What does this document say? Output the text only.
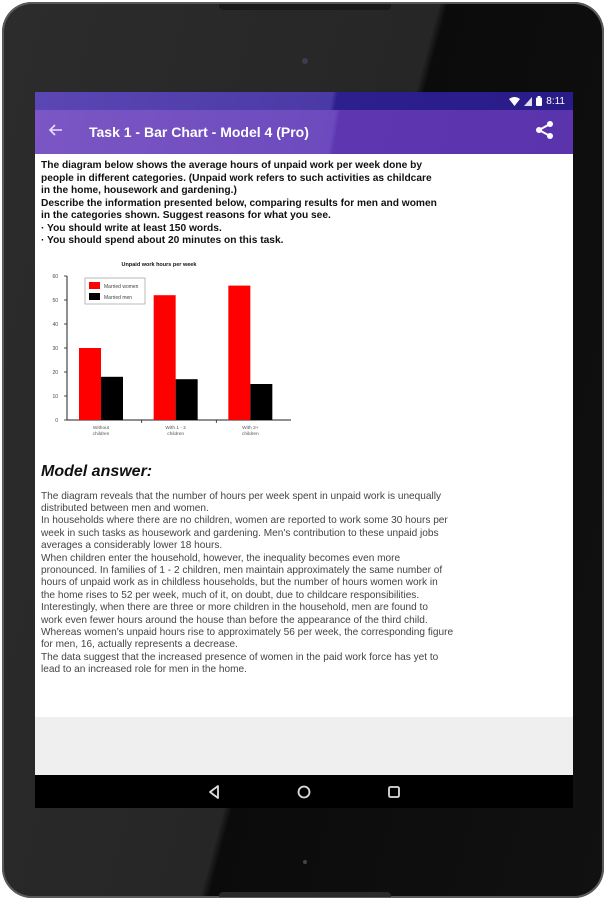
8:11
Task 1 - Bar Chart - Model 4 (Pro)
The diagram below shows the average hours of unpaid work per week done by
people in different categories. (Unpaid work refers to such activities as childcare
in the home, housework and gardening.)
Describe the information presented below, comparing results for men and women
in the categories shown. Suggest reasons for what you see.
· You should write at least 150 words.
· You should spend about 20 minutes on this task.
Unpaid work hours per week
0
10
20
30
40
50
60
Without
children
With 1 - 2
children
With 3+
children
Married women
Married men
Model answer:
The diagram reveals that the number of hours per week spent in unpaid work is unequally
distributed between men and women.
In households where there are no children, women are reported to work some 30 hours per
week in such tasks as housework and gardening. Men's contribution to these unpaid jobs
averages a considerably lower 18 hours.
When children enter the household, however, the inequality becomes even more
pronounced. In families of 1 - 2 children, men maintain approximately the same number of
hours of unpaid work as in childless households, but the number of hours women work in
the home rises to 52 per week, much of it, on doubt, due to childcare responsibilities.
Interestingly, when there are three or more children in the household, men are found to
work even fewer hours around the house than before the appearance of the third child.
Whereas women's unpaid hours rise to approximately 56 per week, the corresponding figure
for men, 16, actually represents a decrease.
The data suggest that the increased presence of women in the paid work force has yet to
lead to an increased role for men in the home.
